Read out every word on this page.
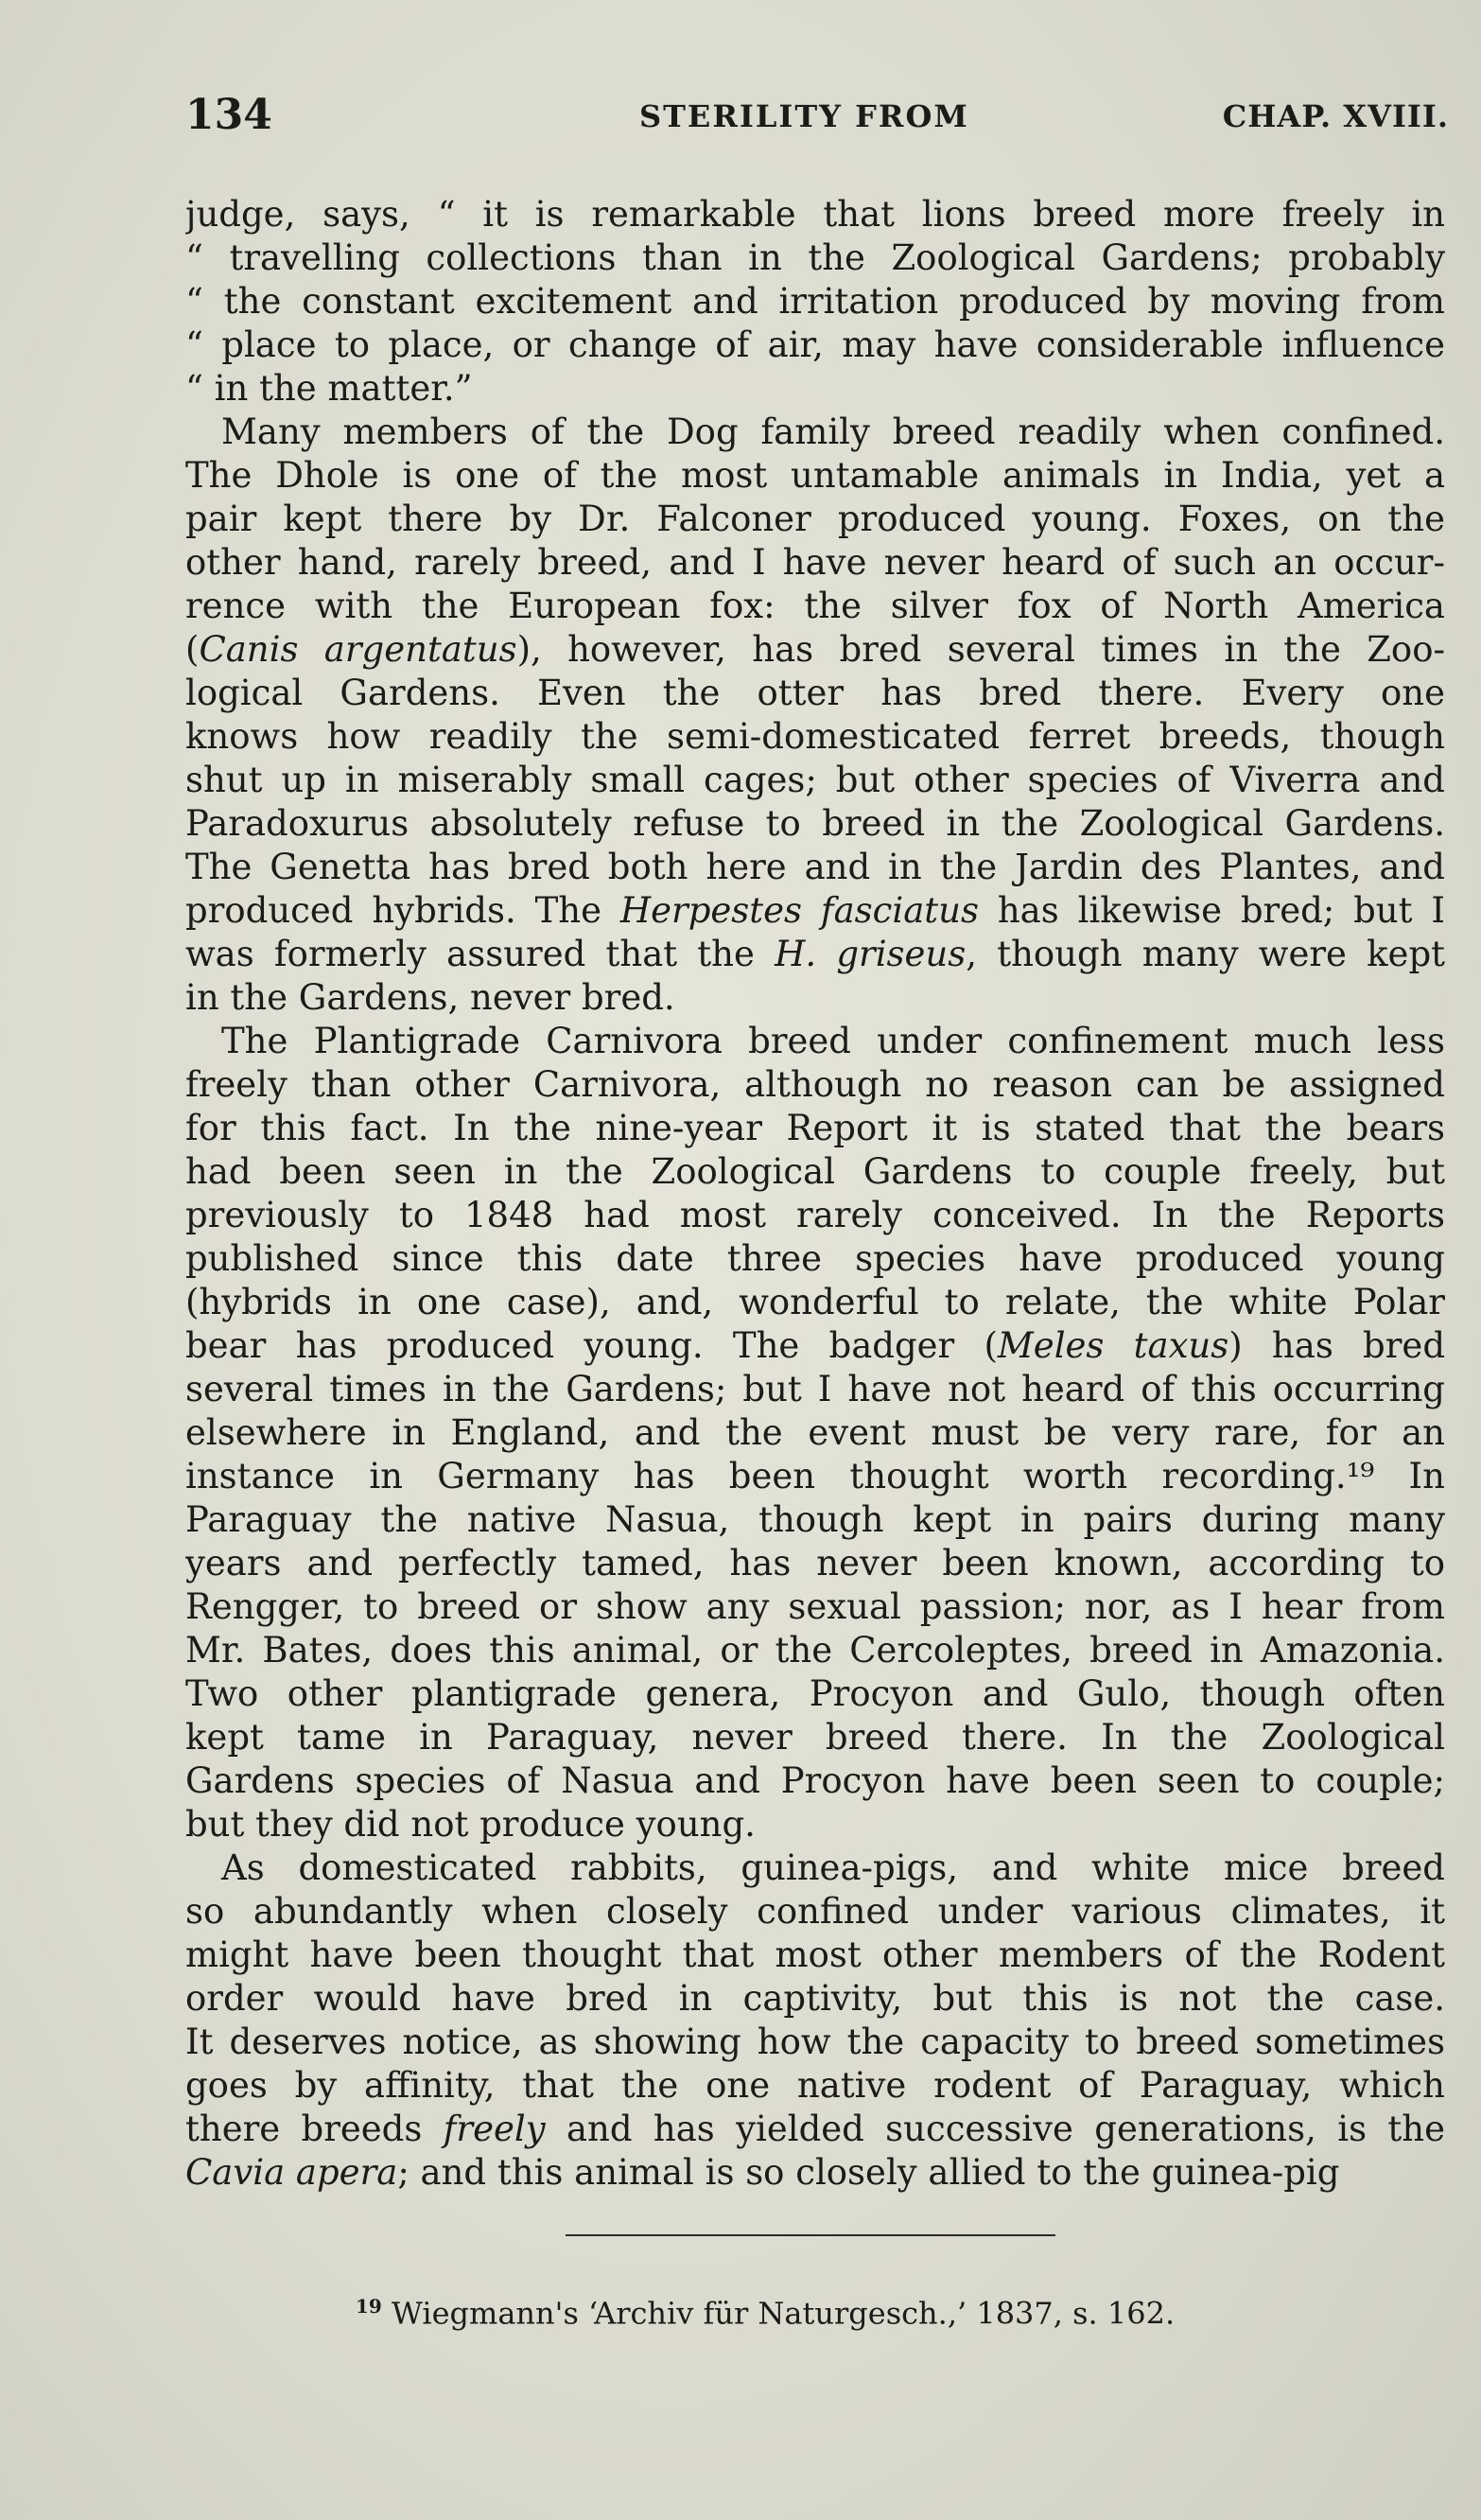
134	STERILITY FROM	CHAP. XVIII.
judge, says, “ it is remarkable that lions breed more freely in
“ travelling collections than in the Zoological Gardens; probably
“ the constant excitement and irritation produced by moving from
“ place to place, or change of air, may have considerable influence
“ in the matter.”
Many members of the Dog family breed readily when confined.
The Dhole is one of the most untamable animals in India, yet a
pair kept there by Dr. Falconer produced young. Foxes, on the
other hand, rarely breed, and I have never heard of such an occur-
rence with the European fox: the silver fox of North America
(Canis argentatus), however, has bred several times in the Zoo-
logical Gardens. Even the otter has bred there. Every one
knows how readily the semi-domesticated ferret breeds, though
shut up in miserably small cages; but other species of Viverra and
Paradoxurus absolutely refuse to breed in the Zoological Gardens.
The Genetta has bred both here and in the Jardin des Plantes, and
produced hybrids. The Herpestes fasciatus has likewise bred; but I
was formerly assured that the H. griseus, though many were kept
in the Gardens, never bred.
The Plantigrade Carnivora breed under confinement much less
freely than other Carnivora, although no reason can be assigned
for this fact. In the nine-year Report it is stated that the bears
had been seen in the Zoological Gardens to couple freely, but
previously to 1848 had most rarely conceived. In the Reports
published since this date three species have produced young
(hybrids in one case), and, wonderful to relate, the white Polar
bear has produced young. The badger (Meles taxus) has bred
several times in the Gardens; but I have not heard of this occurring
elsewhere in England, and the event must be very rare, for an
instance in Germany has been thought worth recording.¹⁹ In
Paraguay the native Nasua, though kept in pairs during many
years and perfectly tamed, has never been known, according to
Rengger, to breed or show any sexual passion; nor, as I hear from
Mr. Bates, does this animal, or the Cercoleptes, breed in Amazonia.
Two other plantigrade genera, Procyon and Gulo, though often
kept tame in Paraguay, never breed there. In the Zoological
Gardens species of Nasua and Procyon have been seen to couple;
but they did not produce young.
As domesticated rabbits, guinea-pigs, and white mice breed
so abundantly when closely confined under various climates, it
might have been thought that most other members of the Rodent
order would have bred in captivity, but this is not the case.
It deserves notice, as showing how the capacity to breed sometimes
goes by affinity, that the one native rodent of Paraguay, which
there breeds freely and has yielded successive generations, is the
Cavia apera; and this animal is so closely allied to the guinea-pig
$^{19}$ Wiegmann's ‘Archiv für Naturgesch.,’ 1837, s. 162.
